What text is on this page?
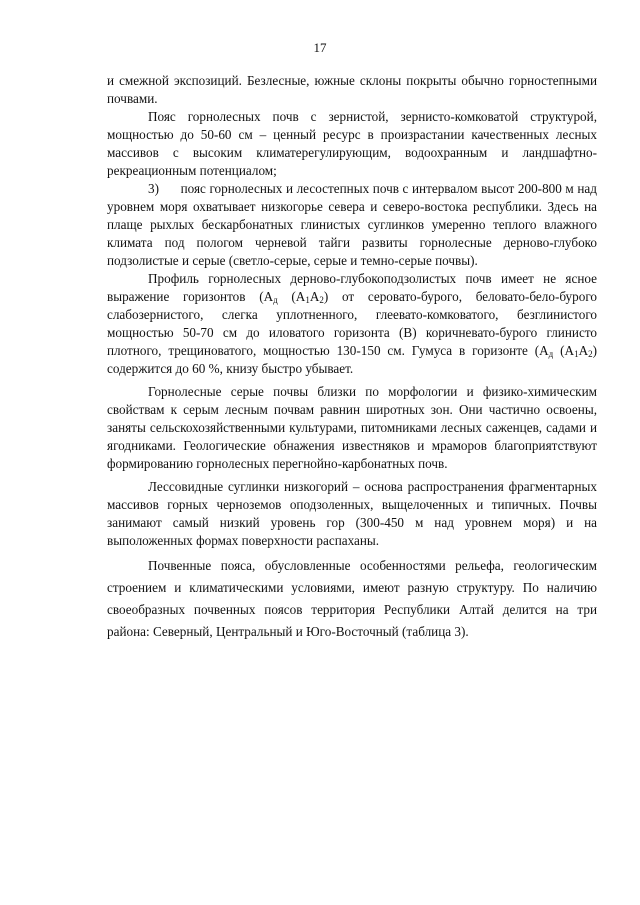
17

и смежной экспозиций. Безлесные, южные склоны покрыты обычно горностепными почвами.

Пояс горнолесных почв с зернистой, зернисто-комковатой структурой, мощностью до 50-60 см – ценный ресурс в произрастании качественных лесных массивов с высоким климатерегулирующим, водоохранным и ландшафтно-рекреационным потенциалом;

3) пояс горнолесных и лесостепных почв с интервалом высот 200-800 м над уровнем моря охватывает низкогорье севера и северо-востока республики. Здесь на плаще рыхлых бескарбонатных глинистых суглинков умеренно теплого влажного климата под пологом черневой тайги развиты горнолесные дерново-глубоко подзолистые и серые (светло-серые, серые и темно-серые почвы).

Профиль горнолесных дерново-глубокоподзолистых почв имеет не ясное выражение горизонтов ($А_д$ $(А_1А_2)$ от серовато-бурого, беловато-бело-бурого слабозернистого, слегка уплотненного, глеевато-комковатого, безглинистого мощностью 50-70 см до иловатого горизонта (В) коричневато-бурого глинисто плотного, трещиноватого, мощностью 130-150 см. Гумуса в горизонте ($А_д$ $(А_1А_2)$ содержится до 60 %, книзу быстро убывает.

Горнолесные серые почвы близки по морфологии и физико-химическим свойствам к серым лесным почвам равнин широтных зон. Они частично освоены, заняты сельскохозяйственными культурами, питомниками лесных саженцев, садами и ягодниками. Геологические обнажения известняков и мраморов благоприятствуют формированию горнолесных перегнойно-карбонатных почв.

Лессовидные суглинки низкогорий – основа распространения фрагментарных массивов горных черноземов оподзоленных, выщелоченных и типичных. Почвы занимают самый низкий уровень гор (300-450 м над уровнем моря) и на выположенных формах поверхности распаханы.

Почвенные пояса, обусловленные особенностями рельефа, геологическим строением и климатическими условиями, имеют разную структуру. По наличию своеобразных почвенных поясов территория Республики Алтай делится на три района: Северный, Центральный и Юго-Восточный (таблица 3).
